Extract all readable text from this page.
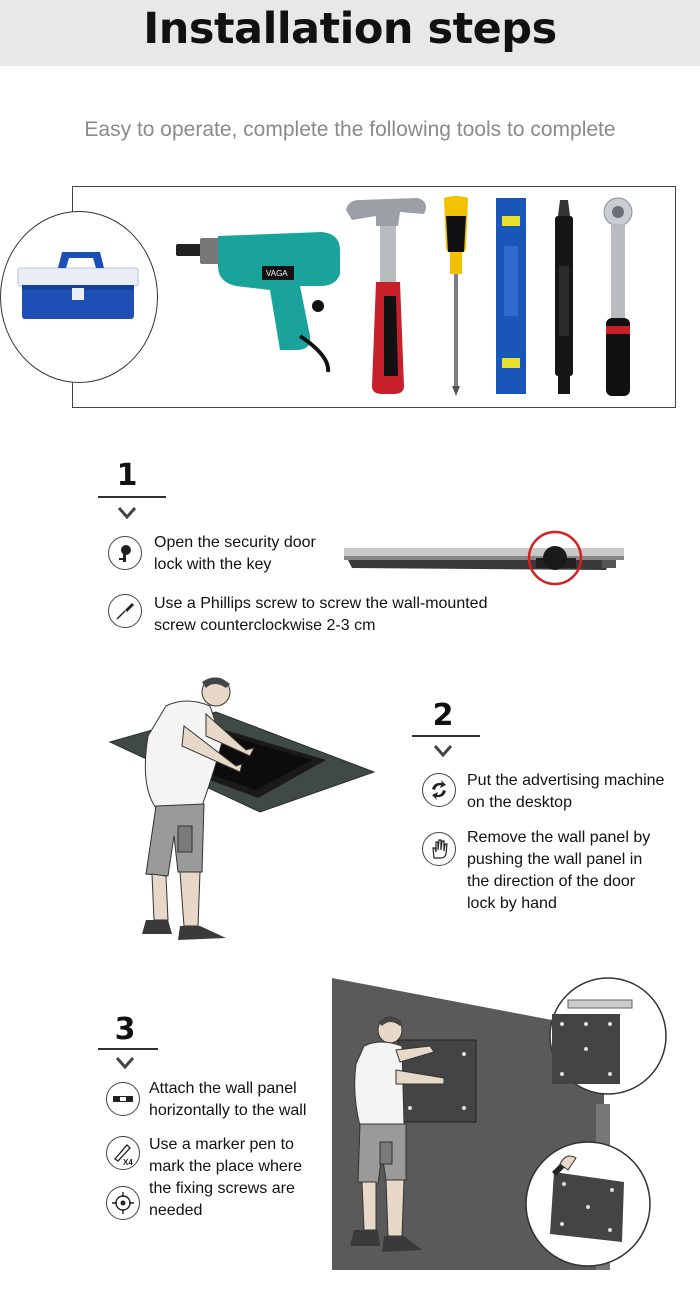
Installation steps
Easy to operate, complete the following tools to complete
VAGA
1
Open the security door
lock with the key
Use a Phillips screw to screw the wall-mounted
screw counterclockwise 2-3 cm
2
Put the advertising machine
on the desktop
Remove the wall panel by
pushing the wall panel in
the direction of the door
lock by hand
3
Attach the wall panel
horizontally to the wall
X4
Use a marker pen to
mark the place where
the fixing screws are
needed
